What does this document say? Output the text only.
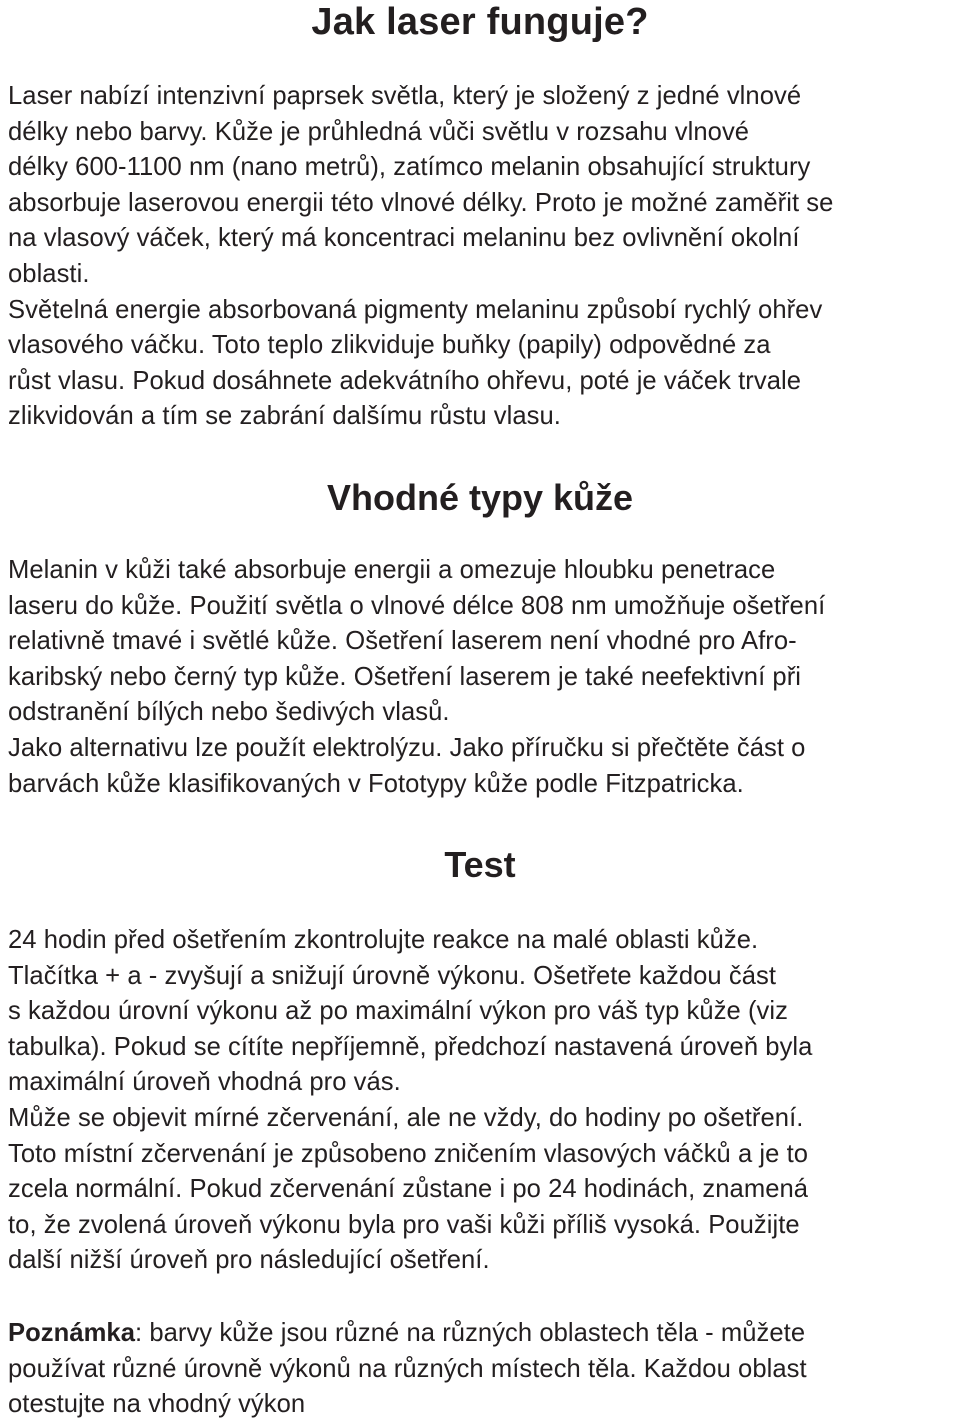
Jak laser funguje?
Laser nabízí intenzivní paprsek světla, který je složený z jedné vlnové
délky nebo barvy. Kůže je průhledná vůči světlu v rozsahu vlnové
délky 600-1100 nm (nano metrů), zatímco melanin obsahující struktury
absorbuje laserovou energii této vlnové délky. Proto je možné zaměřit se
na vlasový váček, který má koncentraci melaninu bez ovlivnění okolní
oblasti.
Světelná energie absorbovaná pigmenty melaninu způsobí rychlý ohřev
vlasového váčku. Toto teplo zlikviduje buňky (papily) odpovědné za
růst vlasu. Pokud dosáhnete adekvátního ohřevu, poté je váček trvale
zlikvidován a tím se zabrání dalšímu růstu vlasu.
Vhodné typy kůže
Melanin v kůži také absorbuje energii a omezuje hloubku penetrace
laseru do kůže. Použití světla o vlnové délce 808 nm umožňuje ošetření
relativně tmavé i světlé kůže. Ošetření laserem není vhodné pro Afro-
karibský nebo černý typ kůže. Ošetření laserem je také neefektivní při
odstranění bílých nebo šedivých vlasů.
Jako alternativu lze použít elektrolýzu. Jako příručku si přečtěte část o
barvách kůže klasifikovaných v Fototypy kůže podle Fitzpatricka.
Test
24 hodin před ošetřením zkontrolujte reakce na malé oblasti kůže.
Tlačítka + a - zvyšují a snižují úrovně výkonu. Ošetřete každou část
s každou úrovní výkonu až po maximální výkon pro váš typ kůže (viz
tabulka). Pokud se cítíte nepříjemně, předchozí nastavená úroveň byla
maximální úroveň vhodná pro vás.
Může se objevit mírné zčervenání, ale ne vždy, do hodiny po ošetření.
Toto místní zčervenání je způsobeno zničením vlasových váčků a je to
zcela normální. Pokud zčervenání zůstane i po 24 hodinách, znamená
to, že zvolená úroveň výkonu byla pro vaši kůži příliš vysoká. Použijte
další nižší úroveň pro následující ošetření.
Poznámka: barvy kůže jsou různé na různých oblastech těla - můžete
používat různé úrovně výkonů na různých místech těla. Každou oblast
otestujte na vhodný výkon
